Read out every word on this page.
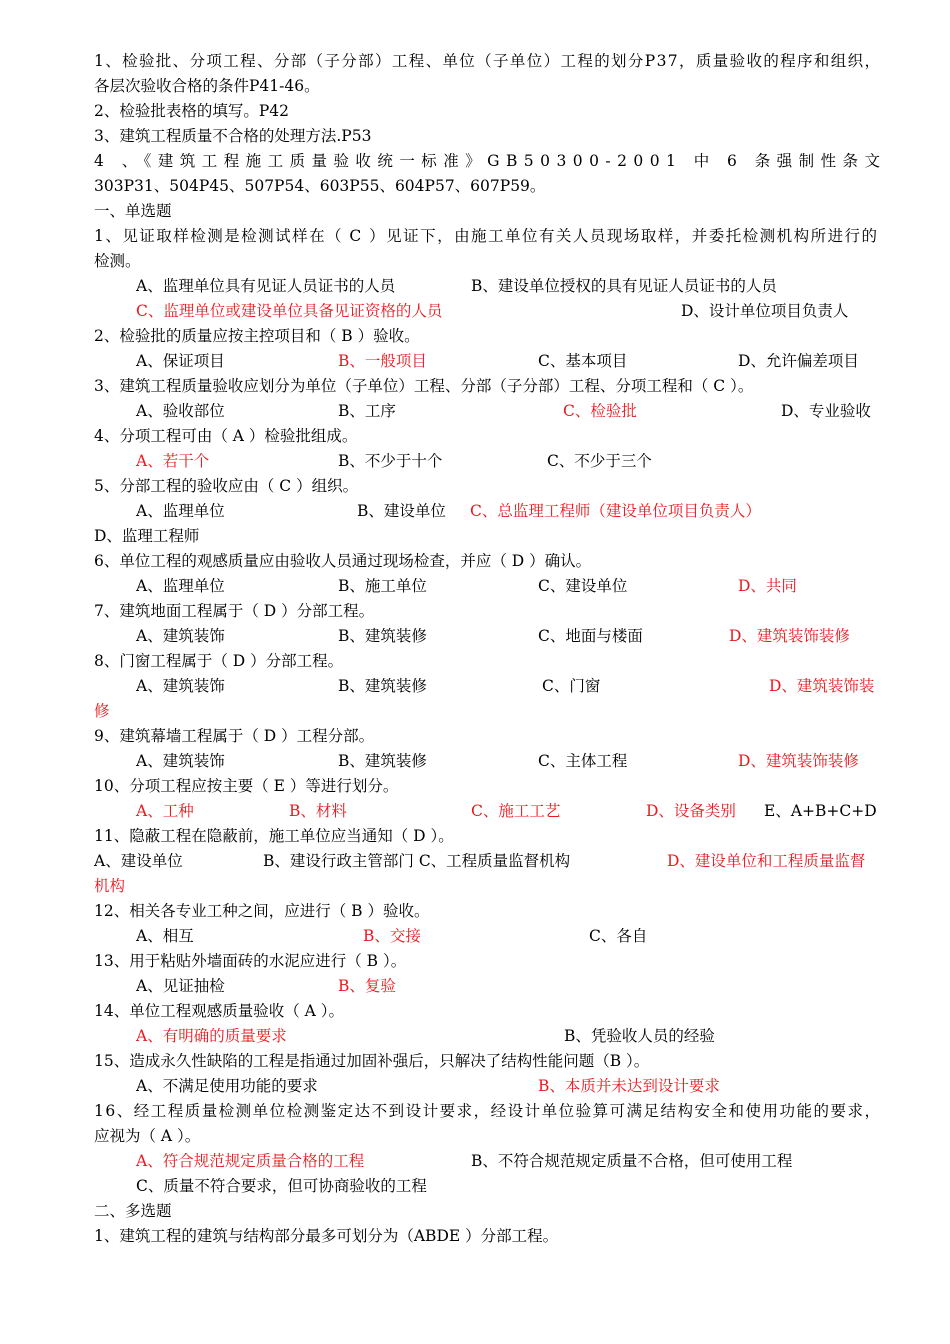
1、检验批、分项工程、分部（子分部）工程、单位（子单位）工程的划分P37，质量验收的程序和组织，
各层次验收合格的条件P41-46。
2、检验批表格的填写。P42
3、建筑工程质量不合格的处理方法.P53
4 、《建筑工程施工质量验收统一标准》GB50300-2001 中 6 条强制性条文
303P31、504P45、507P54、603P55、604P57、607P59。
一、单选题
1、见证取样检测是检测试样在（ C ）见证下，由施工单位有关人员现场取样，并委托检测机构所进行的
检测。
A、监理单位具有见证人员证书的人员	B、建设单位授权的具有见证人员证书的人员
C、监理单位或建设单位具备见证资格的人员	D、设计单位项目负责人
2、检验批的质量应按主控项目和（ B ）验收。
A、保证项目	B、一般项目	C、基本项目	D、允许偏差项目
3、建筑工程质量验收应划分为单位（子单位）工程、分部（子分部）工程、分项工程和（ C ）。
A、验收部位	B、工序	C、检验批	D、专业验收
4、分项工程可由（ A ）检验批组成。
A、若干个	B、不少于十个	C、不少于三个
5、分部工程的验收应由（ C ）组织。
A、监理单位	B、建设单位 C、总监理工程师（建设单位项目负责人）
D、监理工程师
6、单位工程的观感质量应由验收人员通过现场检查，并应（ D ）确认。
A、监理单位	B、施工单位	C、建设单位	D、共同
7、建筑地面工程属于（ D ）分部工程。
A、建筑装饰	B、建筑装修	C、地面与楼面	D、建筑装饰装修
8、门窗工程属于（ D ）分部工程。
A、建筑装饰	B、建筑装修	C、门窗	D、建筑装饰装
修
9、建筑幕墙工程属于（ D ）工程分部。
A、建筑装饰	B、建筑装修	C、主体工程	D、建筑装饰装修
10、分项工程应按主要（ E ）等进行划分。
A、工种	B、材料	C、施工工艺	D、设备类别 E、A+B+C+D
11、隐蔽工程在隐蔽前，施工单位应当通知（ D ）。
A、建设单位	B、建设行政主管部门 C、工程质量监督机构	D、建设单位和工程质量监督
机构
12、相关各专业工种之间，应进行（ B ）验收。
A、相互	B、交接	C、各自
13、用于粘贴外墙面砖的水泥应进行（ B ）。
A、见证抽检	B、复验
14、单位工程观感质量验收（ A ）。
A、有明确的质量要求	B、凭验收人员的经验
15、造成永久性缺陷的工程是指通过加固补强后，只解决了结构性能问题（B ）。
A、不满足使用功能的要求	B、本质并未达到设计要求
16、经工程质量检测单位检测鉴定达不到设计要求，经设计单位验算可满足结构安全和使用功能的要求，
应视为（ A ）。
A、符合规范规定质量合格的工程	B、不符合规范规定质量不合格，但可使用工程
C、质量不符合要求，但可协商验收的工程
二、多选题
1、建筑工程的建筑与结构部分最多可划分为（ABDE ）分部工程。
